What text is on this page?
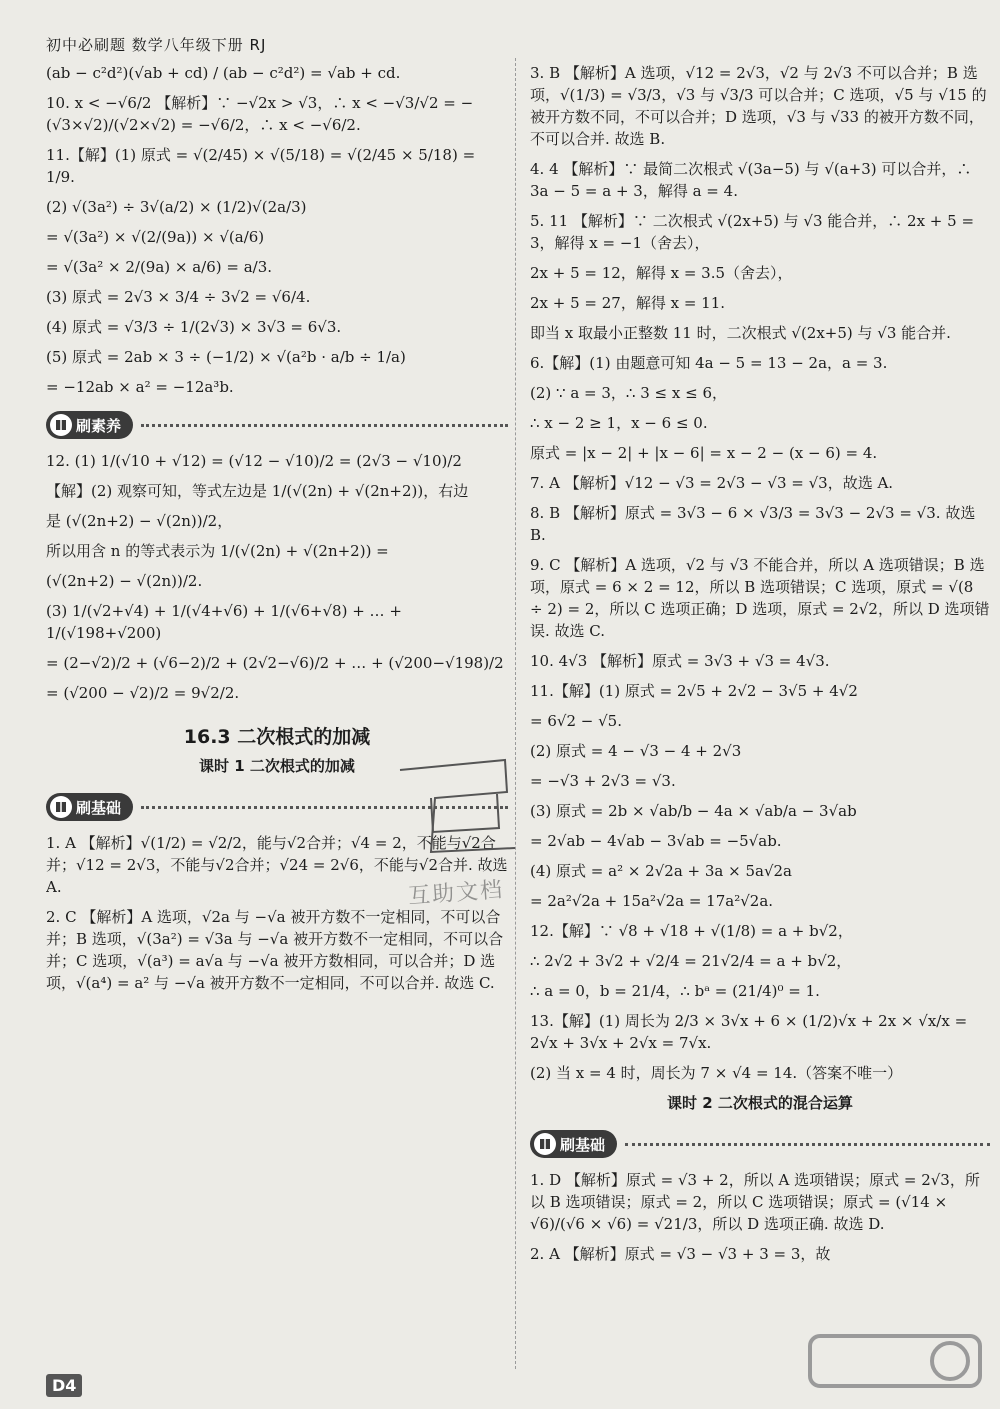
初中必刷题 数学八年级下册 RJ
(ab − c²d²)(√ab + cd) / (ab − c²d²) = √ab + cd.
10. x < −√6/2 【解析】∵ −√2x > √3，∴ x < −√3/√2 = −(√3×√2)/(√2×√2) = −√6/2，∴ x < −√6/2.
11.【解】(1) 原式 = √(2/45) × √(5/18) = √(2/45 × 5/18) = 1/9.
(2) √(3a²) ÷ 3√(a/2) × (1/2)√(2a/3)
= √(3a²) × √(2/(9a)) × √(a/6)
= √(3a² × 2/(9a) × a/6) = a/3.
(3) 原式 = 2√3 × 3/4 ÷ 3√2 = √6/4.
(4) 原式 = √3/3 ÷ 1/(2√3) × 3√3 = 6√3.
(5) 原式 = 2ab × 3 ÷ (−1/2) × √(a²b · a/b ÷ 1/a)
= −12ab × a² = −12a³b.
刷素养
12. (1) 1/(√10 + √12) = (√12 − √10)/2 = (2√3 − √10)/2
【解】(2) 观察可知，等式左边是 1/(√(2n) + √(2n+2))，右边
是 (√(2n+2) − √(2n))/2，
所以用含 n 的等式表示为 1/(√(2n) + √(2n+2)) =
(√(2n+2) − √(2n))/2.
(3) 1/(√2+√4) + 1/(√4+√6) + 1/(√6+√8) + … + 1/(√198+√200)
= (2−√2)/2 + (√6−2)/2 + (2√2−√6)/2 + … + (√200−√198)/2
= (√200 − √2)/2 = 9√2/2.
16.3 二次根式的加减
课时 1 二次根式的加减
刷基础
1. A 【解析】√(1/2) = √2/2，能与√2合并；√4 = 2，不能与√2合并；√12 = 2√3，不能与√2合并；√24 = 2√6，不能与√2合并. 故选 A.
2. C 【解析】A 选项，√2a 与 −√a 被开方数不一定相同，不可以合并；B 选项，√(3a²) = √3a 与 −√a 被开方数不一定相同，不可以合并；C 选项，√(a³) = a√a 与 −√a 被开方数相同，可以合并；D 选项，√(a⁴) = a² 与 −√a 被开方数不一定相同，不可以合并. 故选 C.
3. B 【解析】A 选项，√12 = 2√3，√2 与 2√3 不可以合并；B 选项，√(1/3) = √3/3，√3 与 √3/3 可以合并；C 选项，√5 与 √15 的被开方数不同，不可以合并；D 选项，√3 与 √33 的被开方数不同，不可以合并. 故选 B.
4. 4 【解析】∵ 最简二次根式 √(3a−5) 与 √(a+3) 可以合并，∴ 3a − 5 = a + 3，解得 a = 4.
5. 11 【解析】∵ 二次根式 √(2x+5) 与 √3 能合并，∴ 2x + 5 = 3，解得 x = −1（舍去），
2x + 5 = 12，解得 x = 3.5（舍去），
2x + 5 = 27，解得 x = 11.
即当 x 取最小正整数 11 时，二次根式 √(2x+5) 与 √3 能合并.
6.【解】(1) 由题意可知 4a − 5 = 13 − 2a，a = 3.
(2) ∵ a = 3，∴ 3 ≤ x ≤ 6，
∴ x − 2 ≥ 1，x − 6 ≤ 0.
原式 = |x − 2| + |x − 6| = x − 2 − (x − 6) = 4.
7. A 【解析】√12 − √3 = 2√3 − √3 = √3，故选 A.
8. B 【解析】原式 = 3√3 − 6 × √3/3 = 3√3 − 2√3 = √3. 故选 B.
9. C 【解析】A 选项，√2 与 √3 不能合并，所以 A 选项错误；B 选项，原式 = 6 × 2 = 12，所以 B 选项错误；C 选项，原式 = √(8 ÷ 2) = 2，所以 C 选项正确；D 选项，原式 = 2√2，所以 D 选项错误. 故选 C.
10. 4√3 【解析】原式 = 3√3 + √3 = 4√3.
11.【解】(1) 原式 = 2√5 + 2√2 − 3√5 + 4√2
= 6√2 − √5.
(2) 原式 = 4 − √3 − 4 + 2√3
= −√3 + 2√3 = √3.
(3) 原式 = 2b × √ab/b − 4a × √ab/a − 3√ab
= 2√ab − 4√ab − 3√ab = −5√ab.
(4) 原式 = a² × 2√2a + 3a × 5a√2a
= 2a²√2a + 15a²√2a = 17a²√2a.
12.【解】∵ √8 + √18 + √(1/8) = a + b√2，
∴ 2√2 + 3√2 + √2/4 = 21√2/4 = a + b√2，
∴ a = 0，b = 21/4，∴ bᵃ = (21/4)⁰ = 1.
13.【解】(1) 周长为 2/3 × 3√x + 6 × (1/2)√x + 2x × √x/x = 2√x + 3√x + 2√x = 7√x.
(2) 当 x = 4 时，周长为 7 × √4 = 14.（答案不唯一）
课时 2 二次根式的混合运算
刷基础
1. D 【解析】原式 = √3 + 2，所以 A 选项错误；原式 = 2√3，所以 B 选项错误；原式 = 2，所以 C 选项错误；原式 = (√14 × √6)/(√6 × √6) = √21/3，所以 D 选项正确. 故选 D.
2. A 【解析】原式 = √3 − √3 + 3 = 3，故
互助文档
D4
